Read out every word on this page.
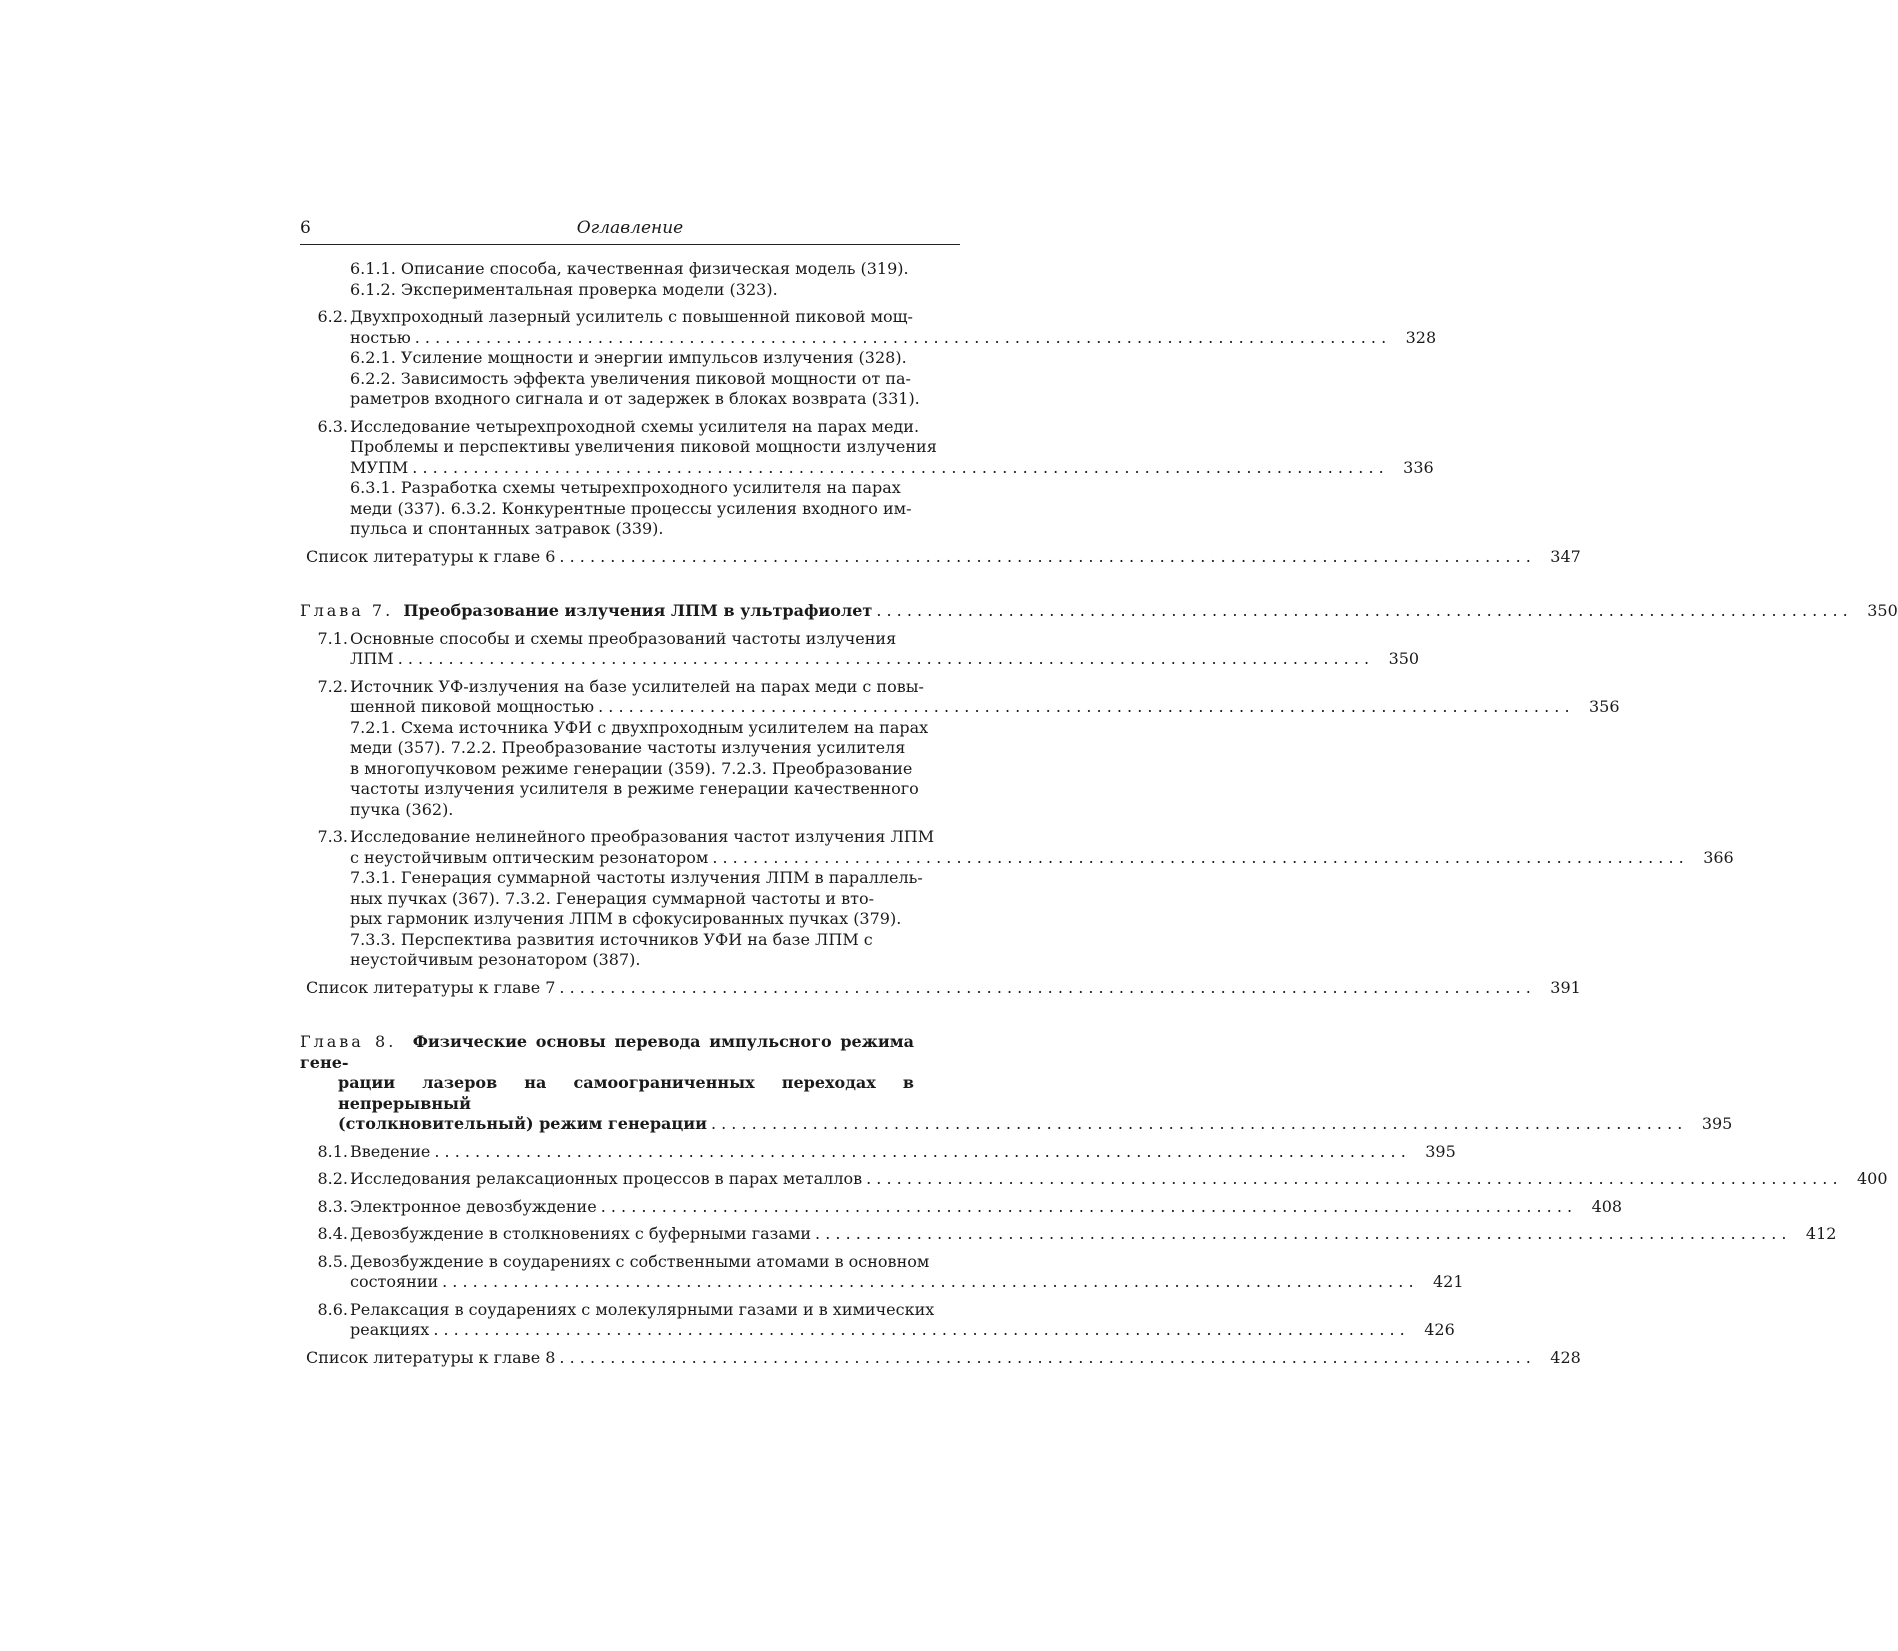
6	Оглавление
6.1.1. Описание способа, качественная физическая модель (319).
6.1.2. Экспериментальная проверка модели (323).
6.2. Двухпроходный лазерный усилитель с повышенной пиковой мощ-
ностью . . .	328
6.2.1. Усиление мощности и энергии импульсов излучения (328).
6.2.2. Зависимость эффекта увеличения пиковой мощности от па-
раметров входного сигнала и от задержек в блоках возврата (331).
6.3. Исследование четырехпроходной схемы усилителя на парах меди.
Проблемы и перспективы увеличения пиковой мощности излучения
МУПМ . . .	336
6.3.1. Разработка схемы четырехпроходного усилителя на парах
меди (337). 6.3.2. Конкурентные процессы усиления входного им-
пульса и спонтанных затравок (339).
Список литературы к главе 6 . . .	347
Глава 7. Преобразование излучения ЛПМ в ультрафиолет . . .	350
7.1. Основные способы и схемы преобразований частоты излучения
ЛПМ . . .	350
7.2. Источник УФ-излучения на базе усилителей на парах меди с повы-
шенной пиковой мощностью . . .	356
7.2.1. Схема источника УФИ с двухпроходным усилителем на парах
меди (357). 7.2.2. Преобразование частоты излучения усилителя
в многопучковом режиме генерации (359). 7.2.3. Преобразование
частоты излучения усилителя в режиме генерации качественного
пучка (362).
7.3. Исследование нелинейного преобразования частот излучения ЛПМ
с неустойчивым оптическим резонатором . . .	366
7.3.1. Генерация суммарной частоты излучения ЛПМ в параллель-
ных пучках (367). 7.3.2. Генерация суммарной частоты и вто-
рых гармоник излучения ЛПМ в сфокусированных пучках (379).
7.3.3. Перспектива развития источников УФИ на базе ЛПМ с
неустойчивым резонатором (387).
Список литературы к главе 7 . . .	391
Глава 8. Физические основы перевода импульсного режима гене-
рации лазеров на самоограниченных переходах в непрерывный
(столкновительный) режим генерации . . .	395
8.1. Введение . . .	395
8.2. Исследования релаксационных процессов в парах металлов . . .	400
8.3. Электронное девозбуждение . . .	408
8.4. Девозбуждение в столкновениях с буферными газами . . .	412
8.5. Девозбуждение в соударениях с собственными атомами в основном
состоянии . . .	421
8.6. Релаксация в соударениях с молекулярными газами и в химических
реакциях . . .	426
Список литературы к главе 8 . . .	428
